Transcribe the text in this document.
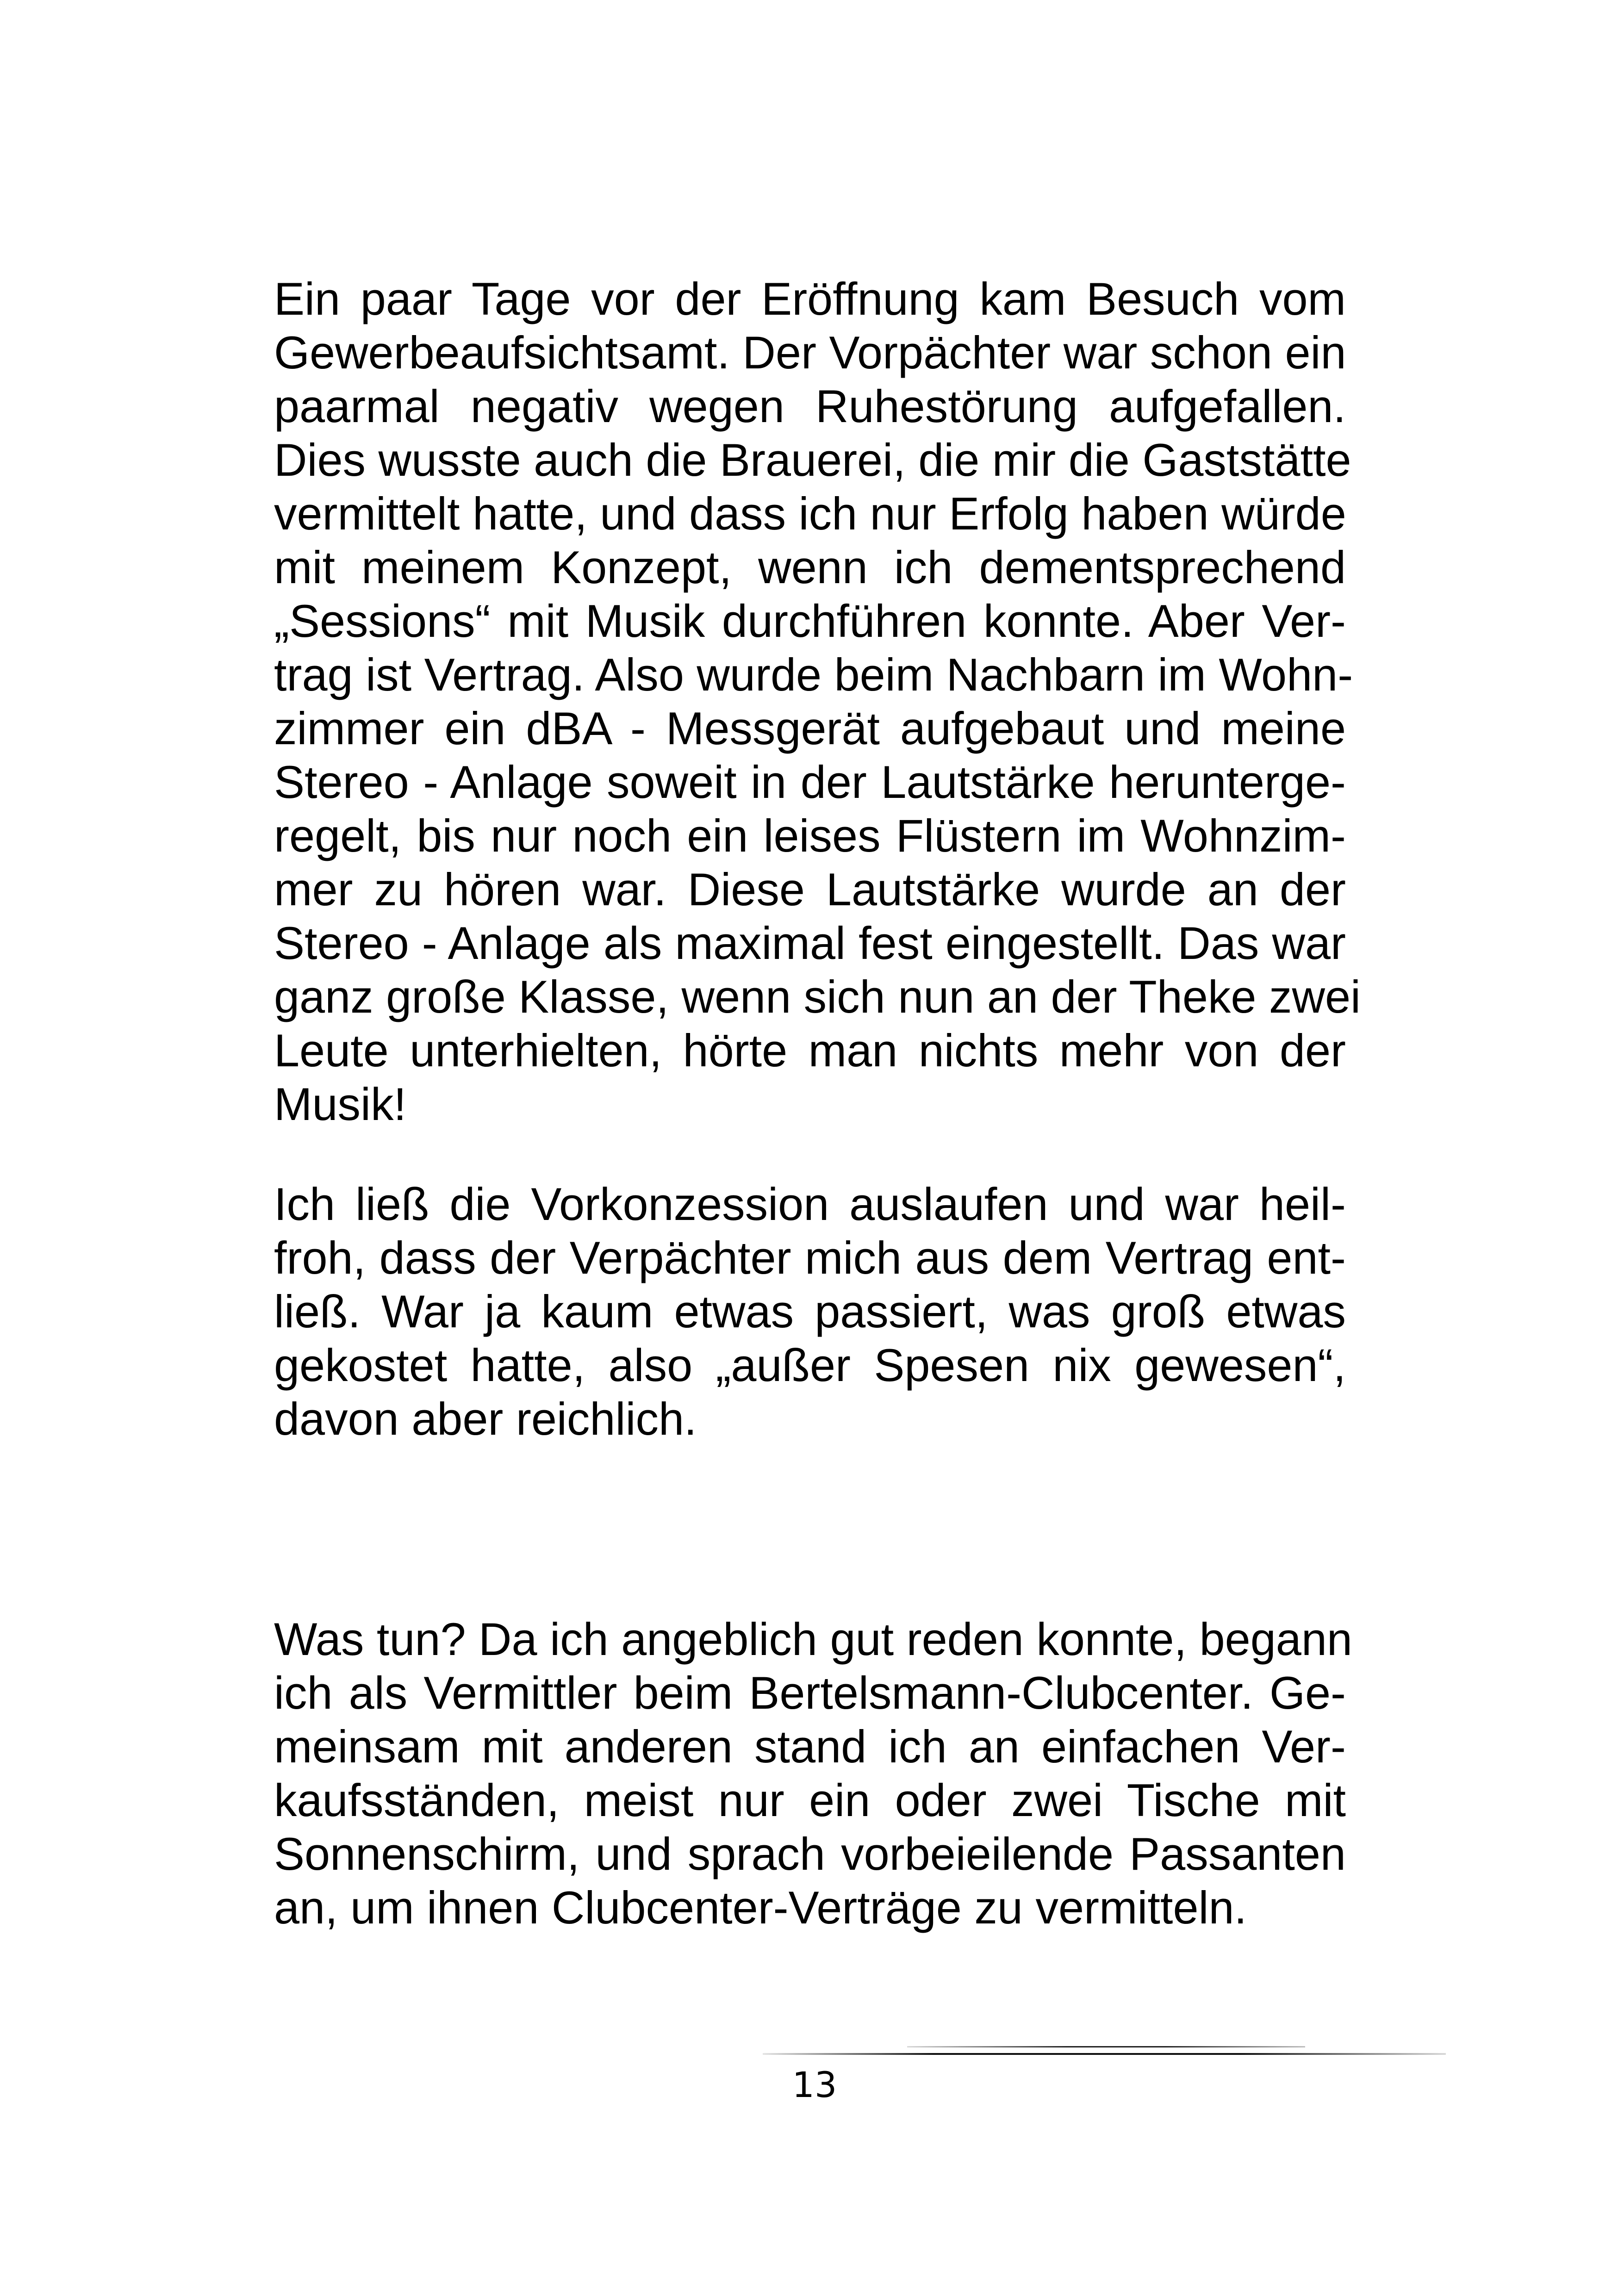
Ein paar Tage vor der Eröffnung kam Besuch vom
Gewerbeaufsichtsamt. Der Vorpächter war schon ein
paarmal negativ wegen Ruhestörung aufgefallen.
Dies wusste auch die Brauerei, die mir die Gaststätte
vermittelt hatte, und dass ich nur Erfolg haben würde
mit meinem Konzept, wenn ich dementsprechend
„Sessions“ mit Musik durchführen konnte. Aber Ver-
trag ist Vertrag. Also wurde beim Nachbarn im Wohn-
zimmer ein dBA - Messgerät aufgebaut und meine
Stereo - Anlage soweit in der Lautstärke herunterge-
regelt, bis nur noch ein leises Flüstern im Wohnzim-
mer zu hören war. Diese Lautstärke wurde an der
Stereo - Anlage als maximal fest eingestellt. Das war
ganz große Klasse, wenn sich nun an der Theke zwei
Leute unterhielten, hörte man nichts mehr von der
Musik!
Ich ließ die Vorkonzession auslaufen und war heil-
froh, dass der Verpächter mich aus dem Vertrag ent-
ließ. War ja kaum etwas passiert, was groß etwas
gekostet hatte, also „außer Spesen nix gewesen“,
davon aber reichlich.
Was tun? Da ich angeblich gut reden konnte, begann
ich als Vermittler beim Bertelsmann-Clubcenter. Ge-
meinsam mit anderen stand ich an einfachen Ver-
kaufsständen, meist nur ein oder zwei Tische mit
Sonnenschirm, und sprach vorbeieilende Passanten
an, um ihnen Clubcenter-Verträge zu vermitteln.
13
